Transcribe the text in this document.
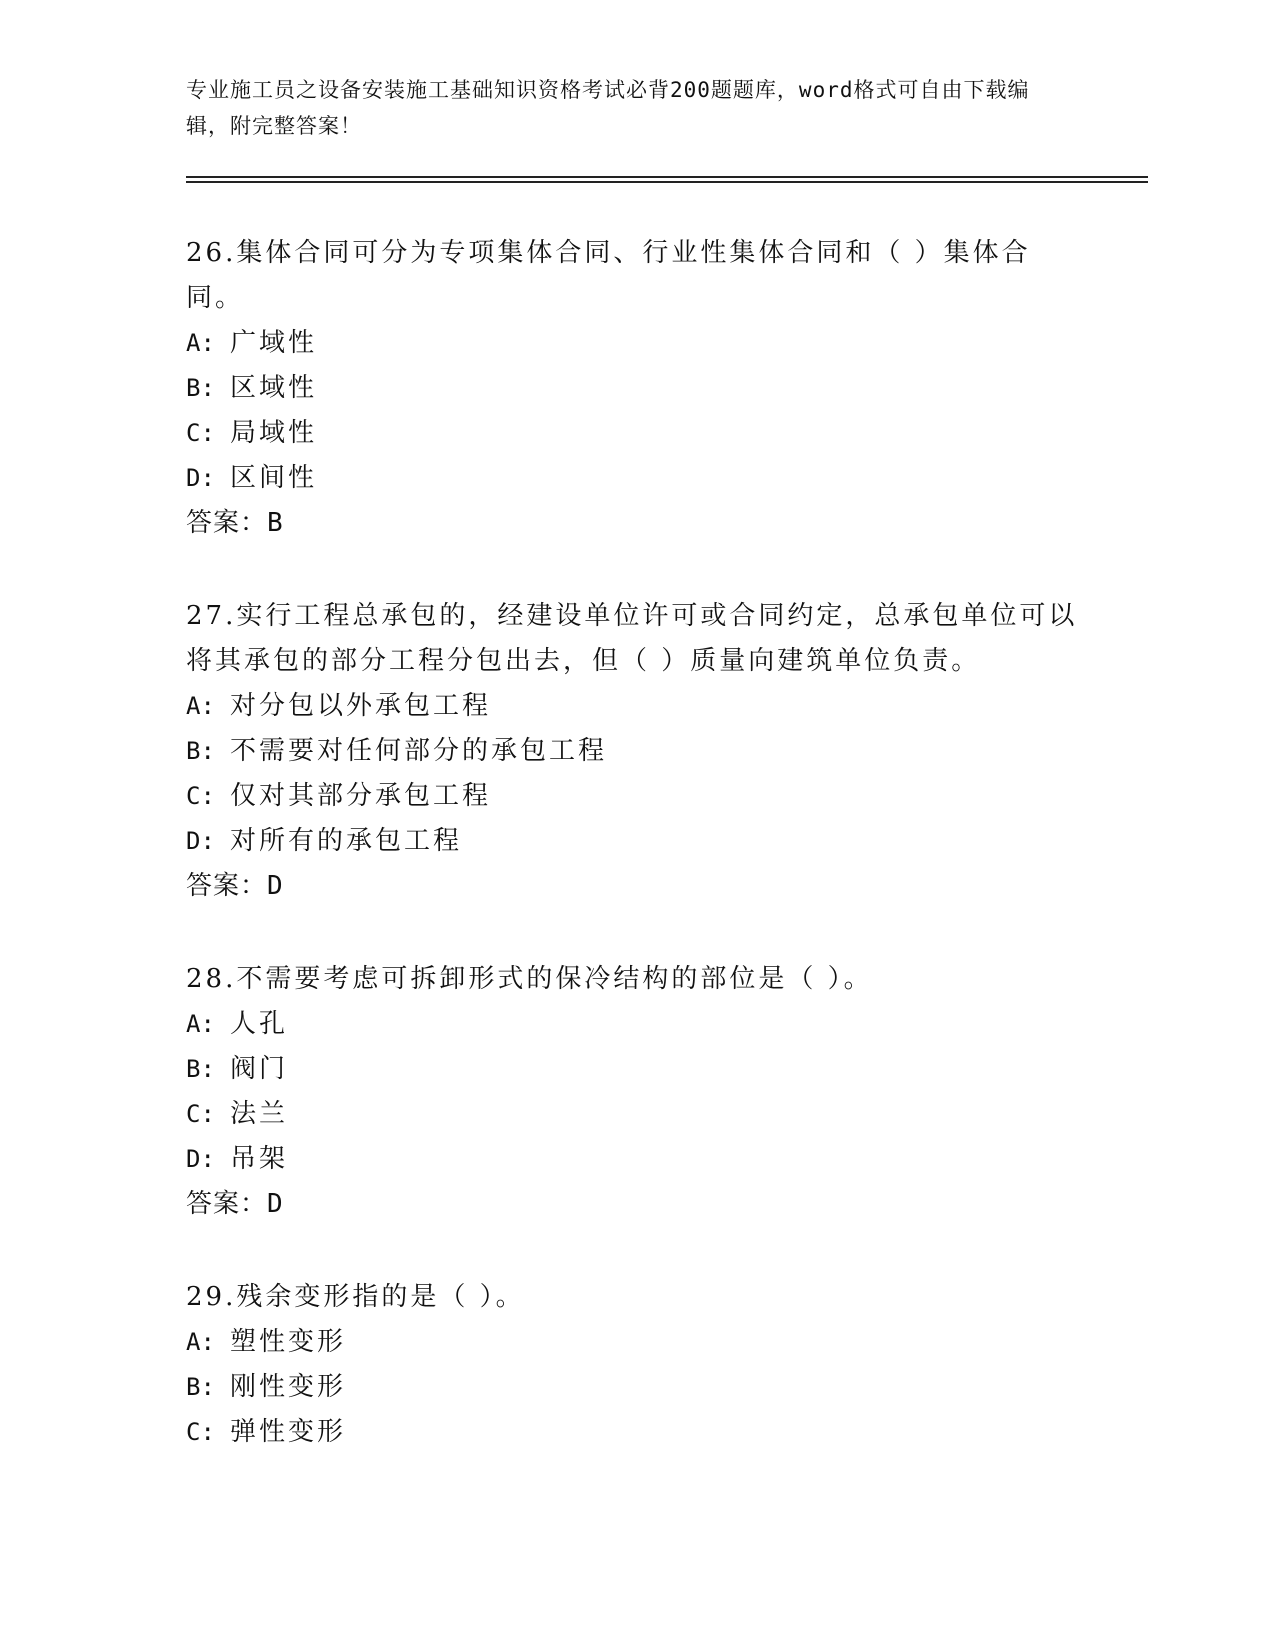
专业施工员之设备安装施工基础知识资格考试必背200题题库，word格式可自由下载编辑，附完整答案！

26.集体合同可分为专项集体合同、行业性集体合同和（ ）集体合同。

A: 广域性

B: 区域性

C: 局域性

D: 区间性

答案：B

27.实行工程总承包的，经建设单位许可或合同约定，总承包单位可以将其承包的部分工程分包出去，但（ ）质量向建筑单位负责。

A: 对分包以外承包工程

B: 不需要对任何部分的承包工程

C: 仅对其部分承包工程

D: 对所有的承包工程

答案：D

28.不需要考虑可拆卸形式的保冷结构的部位是（ ）。

A: 人孔

B: 阀门

C: 法兰

D: 吊架

答案：D

29.残余变形指的是（ ）。

A: 塑性变形

B: 刚性变形

C: 弹性变形
